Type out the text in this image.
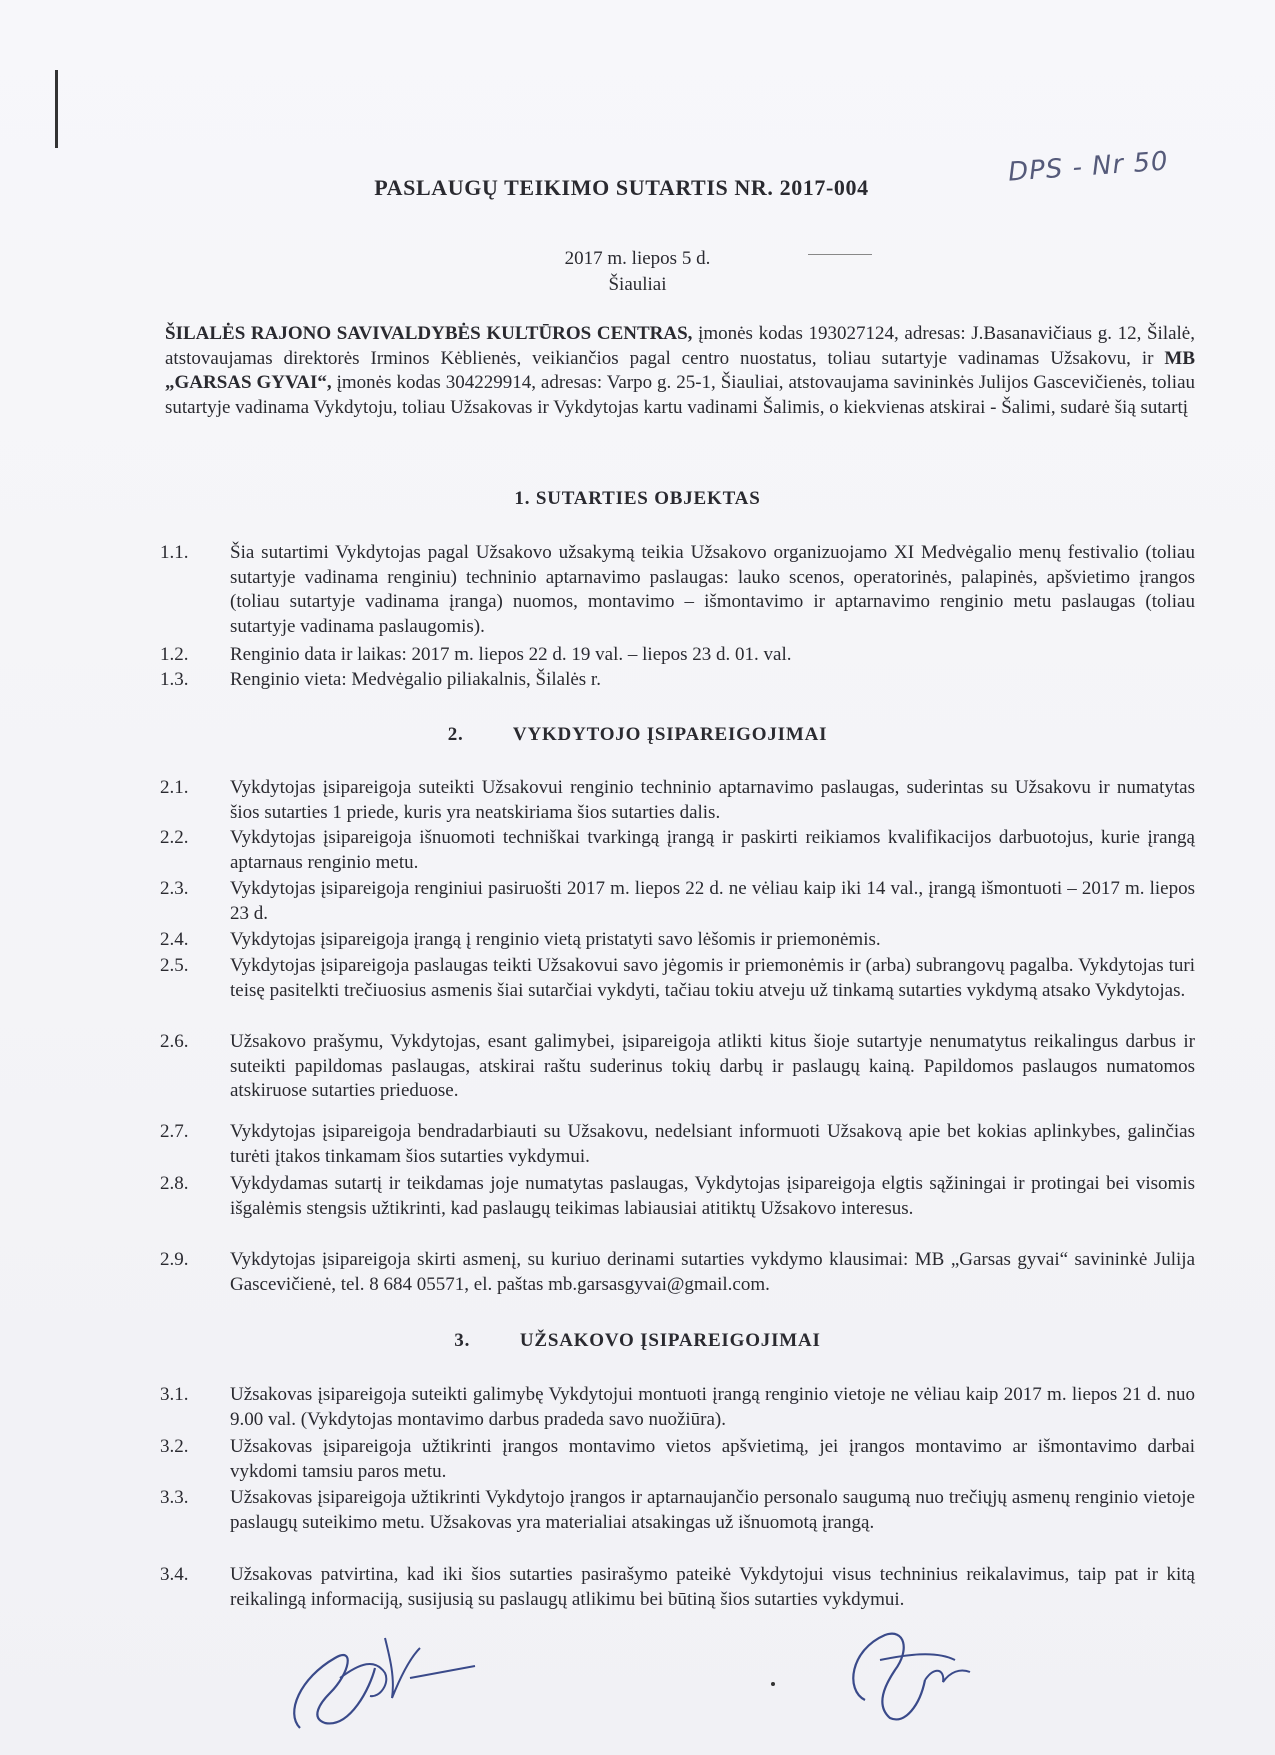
DPS - Nr 50
PASLAUGŲ TEIKIMO SUTARTIS NR. 2017-004
2017 m. liepos 5 d.
Šiauliai
ŠILALĖS RAJONO SAVIVALDYBĖS KULTŪROS CENTRAS, įmonės kodas 193027124, adresas: J.Basanavičiaus g. 12, Šilalė, atstovaujamas direktorės Irminos Kėblienės, veikiančios pagal centro nuostatus, toliau sutartyje vadinamas Užsakovu, ir MB „GARSAS GYVAI“, įmonės kodas 304229914, adresas: Varpo g. 25-1, Šiauliai, atstovaujama savininkės Julijos Gascevičienės, toliau sutartyje vadinama Vykdytoju, toliau Užsakovas ir Vykdytojas kartu vadinami Šalimis, o kiekvienas atskirai - Šalimi, sudarė šią sutartį
1. SUTARTIES OBJEKTAS
1.1.	Šia sutartimi Vykdytojas pagal Užsakovo užsakymą teikia Užsakovo organizuojamo XI Medvėgalio menų festivalio (toliau sutartyje vadinama renginiu) techninio aptarnavimo paslaugas: lauko scenos, operatorinės, palapinės, apšvietimo įrangos (toliau sutartyje vadinama įranga) nuomos, montavimo – išmontavimo ir aptarnavimo renginio metu paslaugas (toliau sutartyje vadinama paslaugomis).
1.2.	Renginio data ir laikas: 2017 m. liepos 22 d. 19 val. – liepos 23 d. 01. val.
1.3.	Renginio vieta: Medvėgalio piliakalnis, Šilalės r.
2.	VYKDYTOJO ĮSIPAREIGOJIMAI
2.1.	Vykdytojas įsipareigoja suteikti Užsakovui renginio techninio aptarnavimo paslaugas, suderintas su Užsakovu ir numatytas šios sutarties 1 priede, kuris yra neatskiriama šios sutarties dalis.
2.2.	Vykdytojas įsipareigoja išnuomoti techniškai tvarkingą įrangą ir paskirti reikiamos kvalifikacijos darbuotojus, kurie įrangą aptarnaus renginio metu.
2.3.	Vykdytojas įsipareigoja renginiui pasiruošti 2017 m. liepos 22 d. ne vėliau kaip iki 14 val., įrangą išmontuoti – 2017 m. liepos 23 d.
2.4.	Vykdytojas įsipareigoja įrangą į renginio vietą pristatyti savo lėšomis ir priemonėmis.
2.5.	Vykdytojas įsipareigoja paslaugas teikti Užsakovui savo jėgomis ir priemonėmis ir (arba) subrangovų pagalba. Vykdytojas turi teisę pasitelkti trečiuosius asmenis šiai sutarčiai vykdyti, tačiau tokiu atveju už tinkamą sutarties vykdymą atsako Vykdytojas.
2.6.	Užsakovo prašymu, Vykdytojas, esant galimybei, įsipareigoja atlikti kitus šioje sutartyje nenumatytus reikalingus darbus ir suteikti papildomas paslaugas, atskirai raštu suderinus tokių darbų ir paslaugų kainą. Papildomos paslaugos numatomos atskiruose sutarties prieduose.
2.7.	Vykdytojas įsipareigoja bendradarbiauti su Užsakovu, nedelsiant informuoti Užsakovą apie bet kokias aplinkybes, galinčias turėti įtakos tinkamam šios sutarties vykdymui.
2.8.	Vykdydamas sutartį ir teikdamas joje numatytas paslaugas, Vykdytojas įsipareigoja elgtis sąžiningai ir protingai bei visomis išgalėmis stengsis užtikrinti, kad paslaugų teikimas labiausiai atitiktų Užsakovo interesus.
2.9.	Vykdytojas įsipareigoja skirti asmenį, su kuriuo derinami sutarties vykdymo klausimai: MB „Garsas gyvai“ savininkė Julija Gascevičienė, tel. 8 684 05571, el. paštas mb.garsasgyvai@gmail.com.
3.	UŽSAKOVO ĮSIPAREIGOJIMAI
3.1.	Užsakovas įsipareigoja suteikti galimybę Vykdytojui montuoti įrangą renginio vietoje ne vėliau kaip 2017 m. liepos 21 d. nuo 9.00 val. (Vykdytojas montavimo darbus pradeda savo nuožiūra).
3.2.	Užsakovas įsipareigoja užtikrinti įrangos montavimo vietos apšvietimą, jei įrangos montavimo ar išmontavimo darbai vykdomi tamsiu paros metu.
3.3.	Užsakovas įsipareigoja užtikrinti Vykdytojo įrangos ir aptarnaujančio personalo saugumą nuo trečiųjų asmenų renginio vietoje paslaugų suteikimo metu. Užsakovas yra materialiai atsakingas už išnuomotą įrangą.
3.4.	Užsakovas patvirtina, kad iki šios sutarties pasirašymo pateikė Vykdytojui visus techninius reikalavimus, taip pat ir kitą reikalingą informaciją, susijusią su paslaugų atlikimu bei būtiną šios sutarties vykdymui.
